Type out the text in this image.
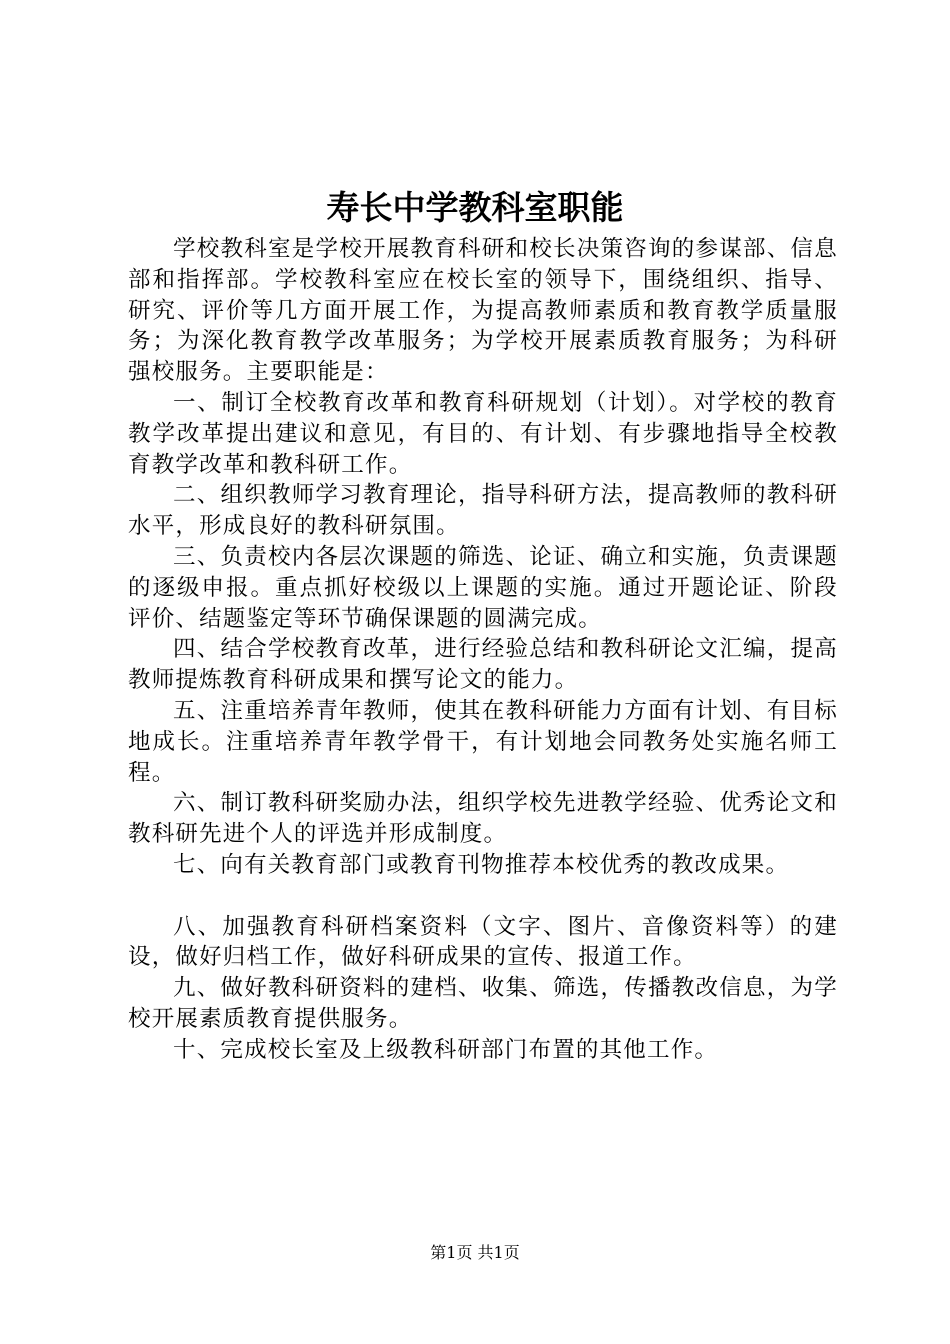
寿长中学教科室职能

学校教科室是学校开展教育科研和校长决策咨询的参谋部、信息部和指挥部。学校教科室应在校长室的领导下，围绕组织、指导、研究、评价等几方面开展工作，为提高教师素质和教育教学质量服务；为深化教育教学改革服务；为学校开展素质教育服务；为科研强校服务。主要职能是：

一、制订全校教育改革和教育科研规划（计划）。对学校的教育教学改革提出建议和意见，有目的、有计划、有步骤地指导全校教育教学改革和教科研工作。

二、组织教师学习教育理论，指导科研方法，提高教师的教科研水平，形成良好的教科研氛围。

三、负责校内各层次课题的筛选、论证、确立和实施，负责课题的逐级申报。重点抓好校级以上课题的实施。通过开题论证、阶段评价、结题鉴定等环节确保课题的圆满完成。

四、结合学校教育改革，进行经验总结和教科研论文汇编，提高教师提炼教育科研成果和撰写论文的能力。

五、注重培养青年教师，使其在教科研能力方面有计划、有目标地成长。注重培养青年教学骨干，有计划地会同教务处实施名师工程。

六、制订教科研奖励办法，组织学校先进教学经验、优秀论文和教科研先进个人的评选并形成制度。

七、向有关教育部门或教育刊物推荐本校优秀的教改成果。

八、加强教育科研档案资料（文字、图片、音像资料等）的建设，做好归档工作，做好科研成果的宣传、报道工作。

九、做好教科研资料的建档、收集、筛选，传播教改信息，为学校开展素质教育提供服务。

十、完成校长室及上级教科研部门布置的其他工作。

第1页 共1页
